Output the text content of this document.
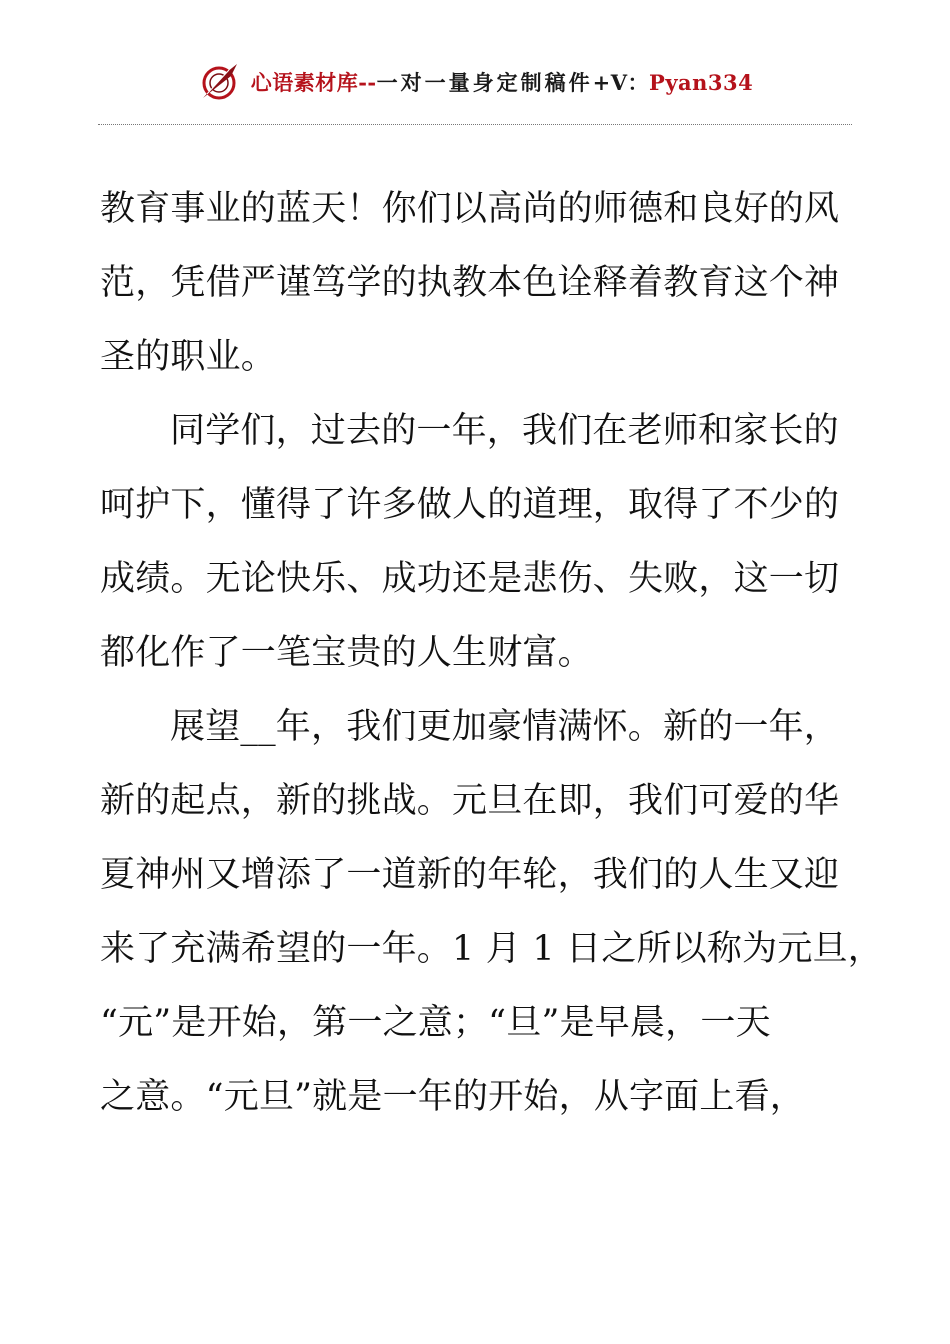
心语素材库--一对一量身定制稿件+V：Pyan334
教育事业的蓝天！你们以高尚的师德和良好的风
范，凭借严谨笃学的执教本色诠释着教育这个神
圣的职业。
同学们，过去的一年，我们在老师和家长的
呵护下，懂得了许多做人的道理，取得了不少的
成绩。无论快乐、成功还是悲伤、失败，这一切
都化作了一笔宝贵的人生财富。
展望__年，我们更加豪情满怀。新的一年，
新的起点，新的挑战。元旦在即，我们可爱的华
夏神州又增添了一道新的年轮，我们的人生又迎
来了充满希望的一年。1 月 1 日之所以称为元旦，
“元”是开始，第一之意；“旦”是早晨，一天
之意。“元旦”就是一年的开始，从字面上看，
